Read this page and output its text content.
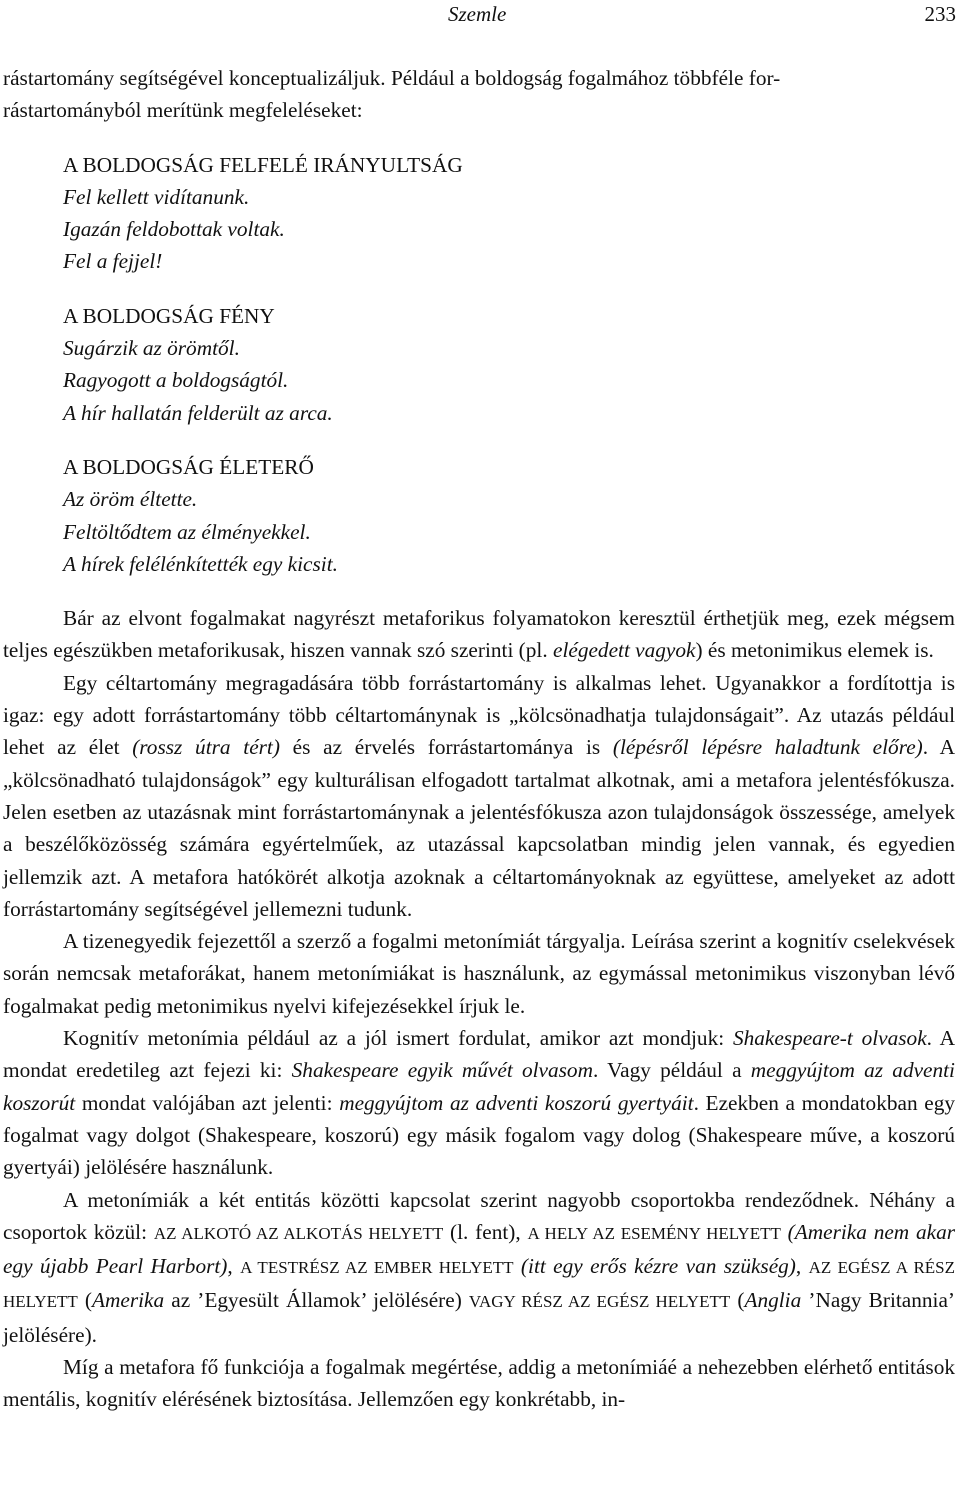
Szemle	233

rástartomány segítségével konceptualizáljuk. Például a boldogság fogalmához többféle for-
rástartományból merítünk megfeleléseket:

A BOLDOGSÁG FELFELÉ IRÁNYULTSÁG
Fel kellett vidítanunk.
Igazán feldobottak voltak.
Fel a fejjel!
A BOLDOGSÁG FÉNY
Sugárzik az örömtől.
Ragyogott a boldogságtól.
A hír hallatán felderült az arca.
A BOLDOGSÁG ÉLETERŐ
Az öröm éltette.
Feltöltődtem az élményekkel.
A hírek felélénkítették egy kicsit.

Bár az elvont fogalmakat nagyrészt metaforikus folyamatokon keresztül érthetjük meg, ezek mégsem teljes egészükben metaforikusak, hiszen vannak szó szerinti (pl. elégedett vagyok) és metonimikus elemek is.

Egy céltartomány megragadására több forrástartomány is alkalmas lehet. Ugyanakkor a fordítottja is igaz: egy adott forrástartomány több céltartománynak is „kölcsönadhatja tulajdonságait”. Az utazás például lehet az élet (rossz útra tért) és az érvelés forrástartománya is (lépésről lépésre haladtunk előre). A „kölcsönadható tulajdonságok” egy kulturálisan elfogadott tartalmat alkotnak, ami a metafora jelentésfókusza. Jelen esetben az utazásnak mint forrástartománynak a jelentésfókusza azon tulajdonságok összessége, amelyek a beszélőközösség számára egyértelműek, az utazással kapcsolatban mindig jelen vannak, és egyedien jellemzik azt. A metafora hatókörét alkotja azoknak a céltartományoknak az együttese, amelyeket az adott forrástartomány segítségével jellemezni tudunk.

A tizenegyedik fejezettől a szerző a fogalmi metonímiát tárgyalja. Leírása szerint a kognitív cselekvések során nemcsak metaforákat, hanem metonímiákat is használunk, az egymással metonimikus viszonyban lévő fogalmakat pedig metonimikus nyelvi kifejezésekkel írjuk le.

Kognitív metonímia például az a jól ismert fordulat, amikor azt mondjuk: Shakespeare-t olvasok. A mondat eredetileg azt fejezi ki: Shakespeare egyik művét olvasom. Vagy például a meggyújtom az adventi koszorút mondat valójában azt jelenti: meggyújtom az adventi koszorú gyertyáit. Ezekben a mondatokban egy fogalmat vagy dolgot (Shakespeare, koszorú) egy másik fogalom vagy dolog (Shakespeare műve, a koszorú gyertyái) jelölésére használunk.

A metonímiák a két entitás közötti kapcsolat szerint nagyobb csoportokba rendeződnek. Néhány a csoportok közül: AZ ALKOTÓ AZ ALKOTÁS HELYETT (l. fent), A HELY AZ ESEMÉNY HELYETT (Amerika nem akar egy újabb Pearl Harbort), A TESTRÉSZ AZ EMBER HELYETT (itt egy erős kézre van szükség), AZ EGÉSZ A RÉSZ HELYETT (Amerika az ’Egyesült Államok’ jelölésére) VAGY RÉSZ AZ EGÉSZ HELYETT (Anglia ’Nagy Britannia’ jelölésére).

Míg a metafora fő funkciója a fogalmak megértése, addig a metonímiáé a nehezebben elérhető entitások mentális, kognitív elérésének biztosítása. Jellemzően egy konkrétabb, in-
